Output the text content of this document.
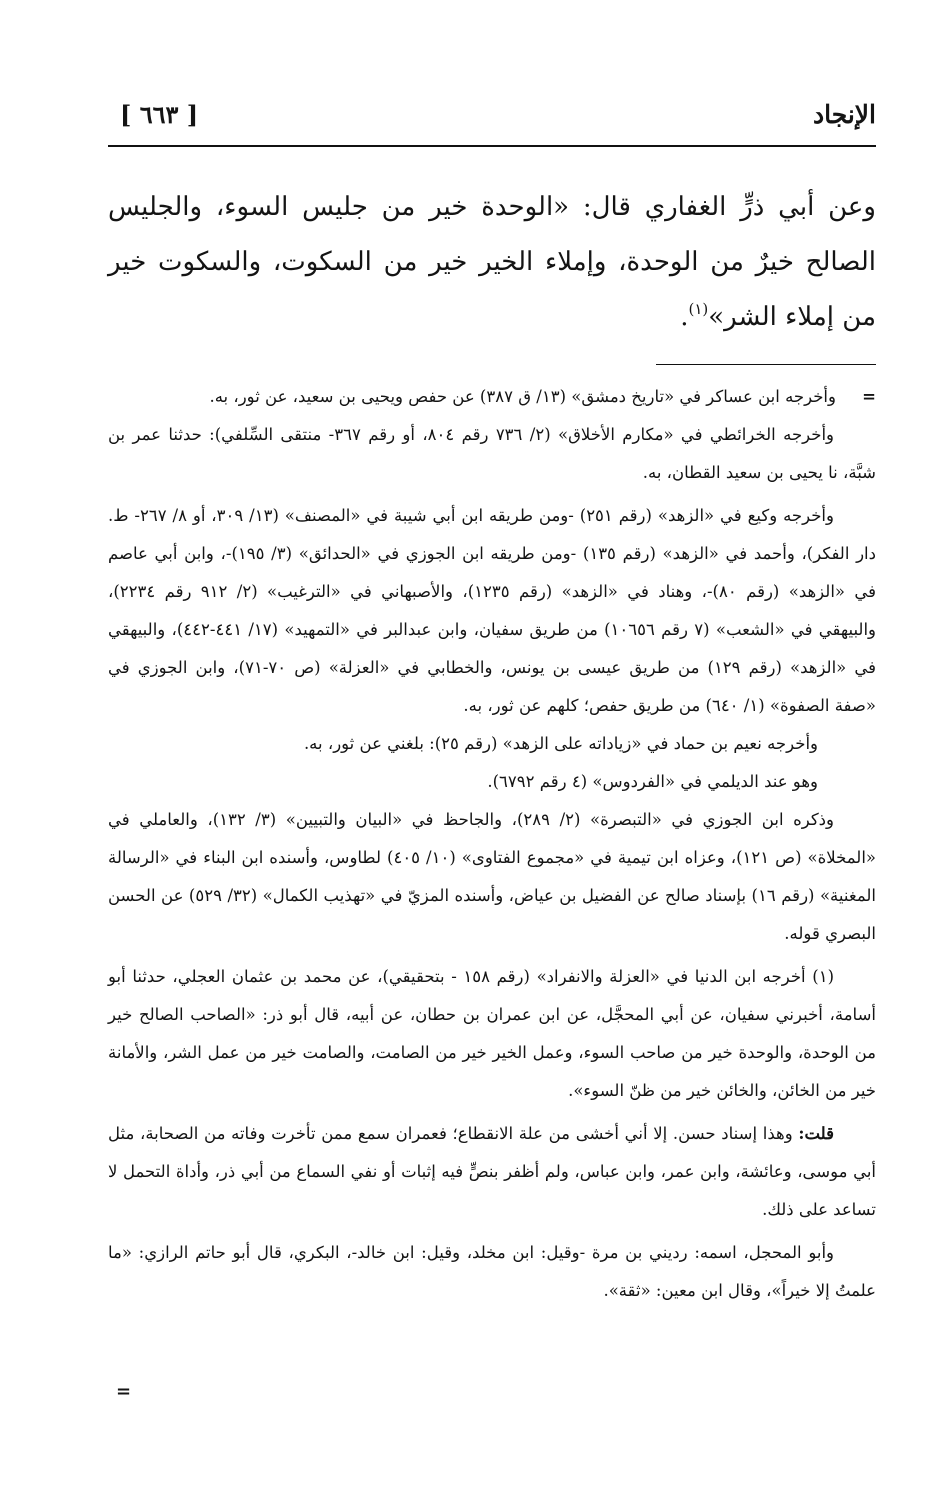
الإنجاد
[ ٦٦٣ ]

وعن أبي ذرٍّ الغفاري قال: «الوحدة خير من جليس السوء، والجليس الصالح خيرٌ من الوحدة، وإملاء الخير خير من السكوت، والسكوت خير من إملاء الشر»$^{(١)}$.

=وأخرجه ابن عساكر في «تاريخ دمشق» (١٣/ ق ٣٨٧) عن حفص ويحيى بن سعيد، عن ثور، به.

وأخرجه الخرائطي في «مكارم الأخلاق» (٢/ ٧٣٦ رقم ٨٠٤، أو رقم ٣٦٧- منتقى السِّلفي): حدثنا عمر بن شبَّة، نا يحيى بن سعيد القطان، به.

وأخرجه وكيع في «الزهد» (رقم ٢٥١) -ومن طريقه ابن أبي شيبة في «المصنف» (١٣/ ٣٠٩، أو ٨/ ٢٦٧- ط. دار الفكر)، وأحمد في «الزهد» (رقم ١٣٥) -ومن طريقه ابن الجوزي في «الحدائق» (٣/ ١٩٥)-، وابن أبي عاصم في «الزهد» (رقم ٨٠)-، وهناد في «الزهد» (رقم ١٢٣٥)، والأصبهاني في «الترغيب» (٢/ ٩١٢ رقم ٢٢٣٤)، والبيهقي في «الشعب» (٧ رقم ١٠٦٥٦) من طريق سفيان، وابن عبدالبر في «التمهيد» (١٧/ ٤٤١-٤٤٢)، والبيهقي في «الزهد» (رقم ١٢٩) من طريق عيسى بن يونس، والخطابي في «العزلة» (ص ٧٠-٧١)، وابن الجوزي في «صفة الصفوة» (١/ ٦٤٠) من طريق حفص؛ كلهم عن ثور، به.

وأخرجه نعيم بن حماد في «زياداته على الزهد» (رقم ٢٥): بلغني عن ثور، به.

وهو عند الديلمي في «الفردوس» (٤ رقم ٦٧٩٢).

وذكره ابن الجوزي في «التبصرة» (٢/ ٢٨٩)، والجاحظ في «البيان والتبيين» (٣/ ١٣٢)، والعاملي في «المخلاة» (ص ١٢١)، وعزاه ابن تيمية في «مجموع الفتاوى» (١٠/ ٤٠٥) لطاوس، وأسنده ابن البناء في «الرسالة المغنية» (رقم ١٦) بإسناد صالح عن الفضيل بن عياض، وأسنده المزيّ في «تهذيب الكمال» (٣٢/ ٥٢٩) عن الحسن البصري قوله.

(١) أخرجه ابن الدنيا في «العزلة والانفراد» (رقم ١٥٨ - بتحقيقي)، عن محمد بن عثمان العجلي، حدثنا أبو أسامة، أخبرني سفيان، عن أبي المحجَّل، عن ابن عمران بن حطان، عن أبيه، قال أبو ذر: «الصاحب الصالح خير من الوحدة، والوحدة خير من صاحب السوء، وعمل الخير خير من الصامت، والصامت خير من عمل الشر، والأمانة خير من الخائن، والخائن خير من ظنّ السوء».

قلت: وهذا إسناد حسن. إلا أني أخشى من علة الانقطاع؛ فعمران سمع ممن تأخرت وفاته من الصحابة، مثل أبي موسى، وعائشة، وابن عمر، وابن عباس، ولم أظفر بنصٍّ فيه إثبات أو نفي السماع من أبي ذر، وأداة التحمل لا تساعد على ذلك.

وأبو المحجل، اسمه: رديني بن مرة -وقيل: ابن مخلد، وقيل: ابن خالد-، البكري، قال أبو حاتم الرازي: «ما علمتُ إلا خيراً»، وقال ابن معين: «ثقة».

=
